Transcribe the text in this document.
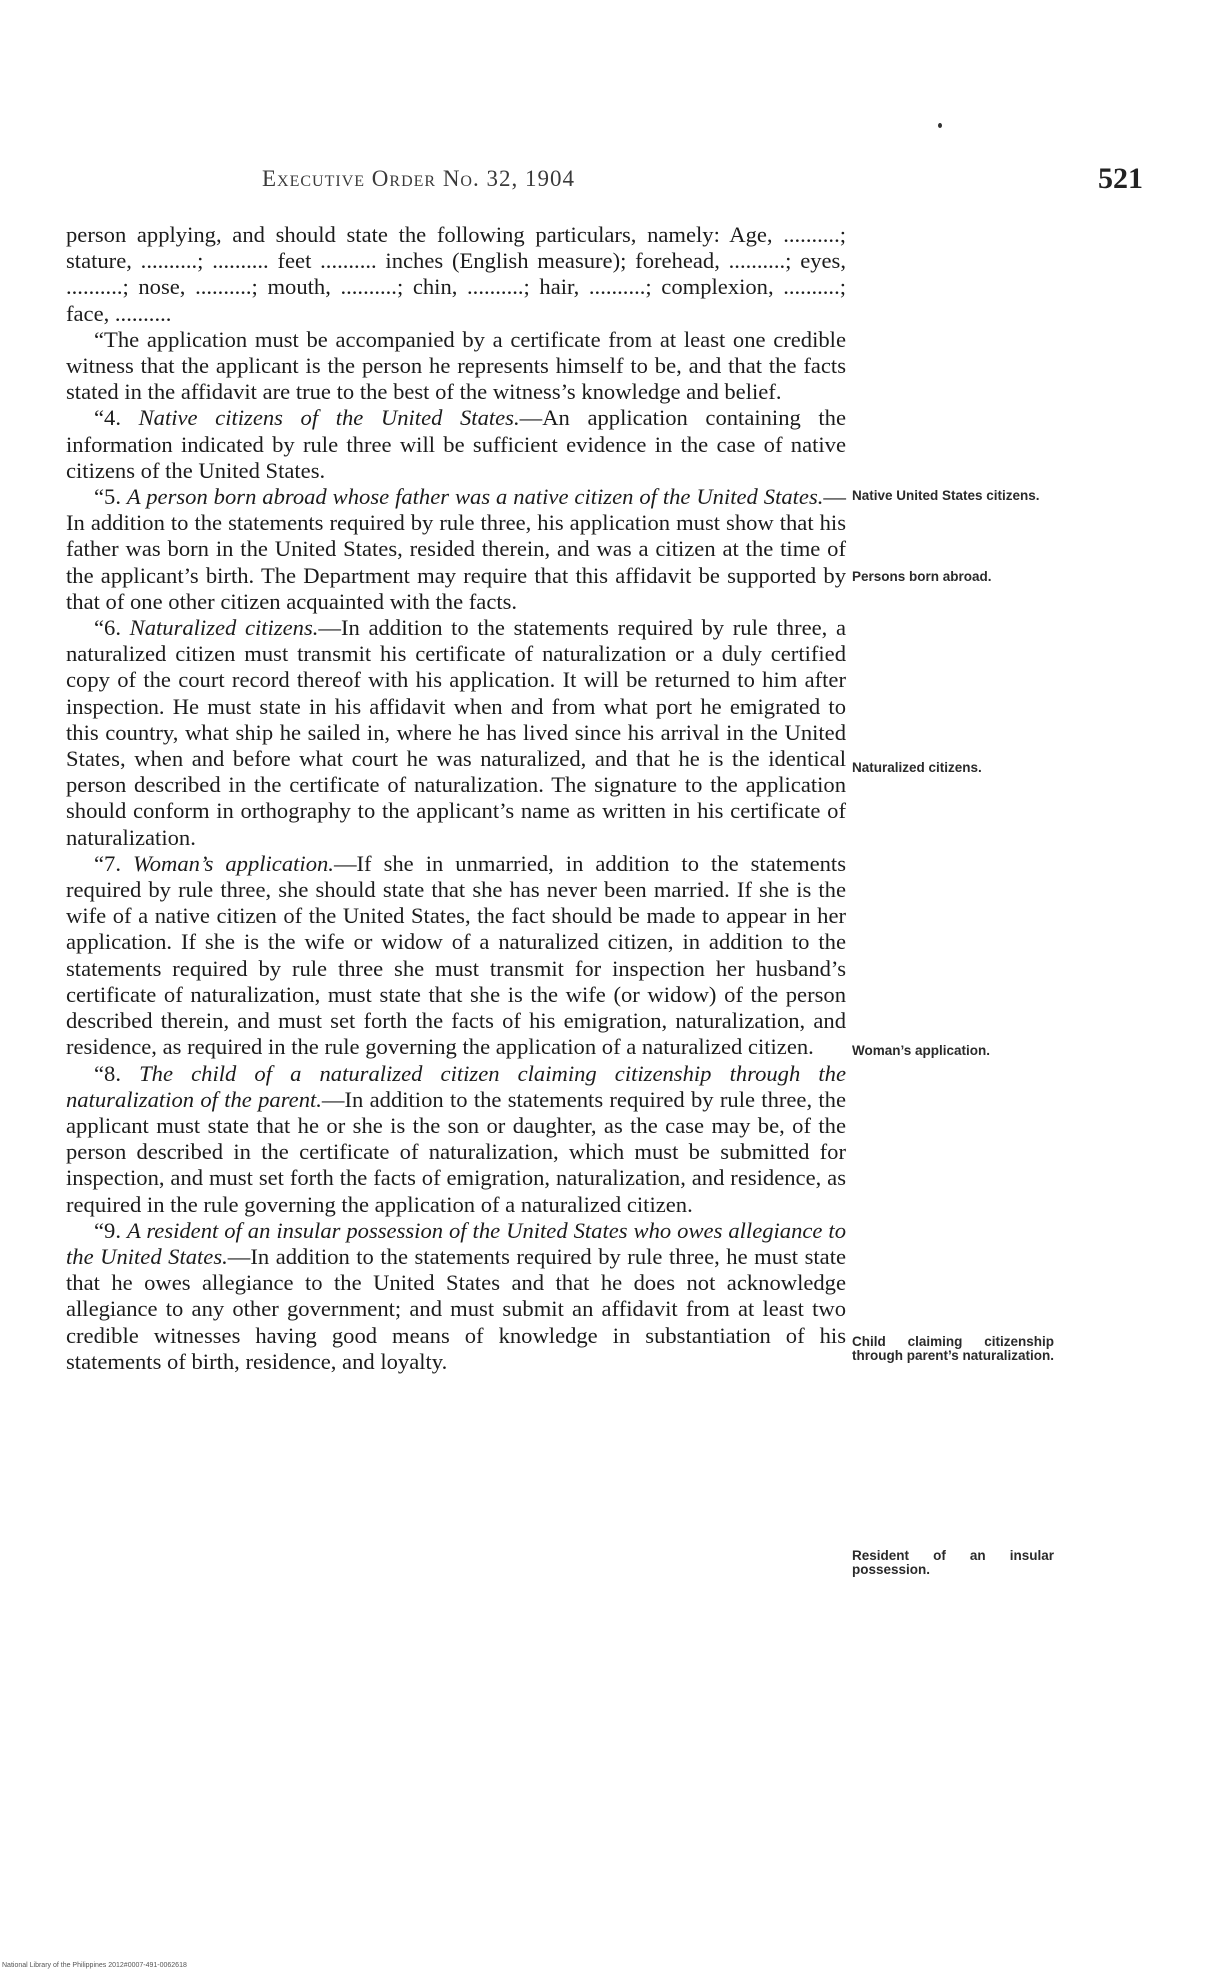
Executive Order No. 32, 1904	521

person applying, and should state the following particulars, namely: Age, ..........; stature, ..........; .......... feet .......... inches (English measure); forehead, ..........; eyes, ..........; nose, ..........; mouth, ..........; chin, ..........; hair, ..........; complexion, ..........; face, ..........

“The application must be accompanied by a certificate from at least one credible witness that the applicant is the person he represents himself to be, and that the facts stated in the affidavit are true to the best of the witness’s knowledge and belief.

“4. Native citizens of the United States.—An application containing the information indicated by rule three will be sufficient evidence in the case of native citizens of the United States.

“5. A person born abroad whose father was a native citizen of the United States.—In addition to the statements required by rule three, his application must show that his father was born in the United States, resided therein, and was a citizen at the time of the applicant’s birth. The Department may require that this affidavit be supported by that of one other citizen acquainted with the facts.

“6. Naturalized citizens.—In addition to the statements required by rule three, a naturalized citizen must transmit his certificate of naturalization or a duly certified copy of the court record thereof with his application. It will be returned to him after inspection. He must state in his affidavit when and from what port he emigrated to this country, what ship he sailed in, where he has lived since his arrival in the United States, when and before what court he was naturalized, and that he is the identical person described in the certificate of naturalization. The signature to the application should conform in orthography to the applicant’s name as written in his certificate of naturalization.

“7. Woman’s application.—If she in unmarried, in addition to the statements required by rule three, she should state that she has never been married. If she is the wife of a native citizen of the United States, the fact should be made to appear in her application. If she is the wife or widow of a naturalized citizen, in addition to the statements required by rule three she must transmit for inspection her husband’s certificate of naturalization, must state that she is the wife (or widow) of the person described therein, and must set forth the facts of his emigration, naturalization, and residence, as required in the rule governing the application of a naturalized citizen.

“8. The child of a naturalized citizen claiming citizenship through the naturalization of the parent.—In addition to the statements required by rule three, the applicant must state that he or she is the son or daughter, as the case may be, of the person described in the certificate of naturalization, which must be submitted for inspection, and must set forth the facts of emigration, naturalization, and residence, as required in the rule governing the application of a naturalized citizen.

“9. A resident of an insular possession of the United States who owes allegiance to the United States.—In addition to the statements required by rule three, he must state that he owes allegiance to the United States and that he does not acknowledge allegiance to any other government; and must submit an affidavit from at least two credible witnesses having good means of knowledge in substantiation of his statements of birth, residence, and loyalty.

Native United States citizens.
Persons born abroad.
Naturalized citizens.
Woman’s application.
Child claiming citizenship through parent’s naturalization.
Resident of an insular possession.
National Library of the Philippines 2012#0007-491-0062618
